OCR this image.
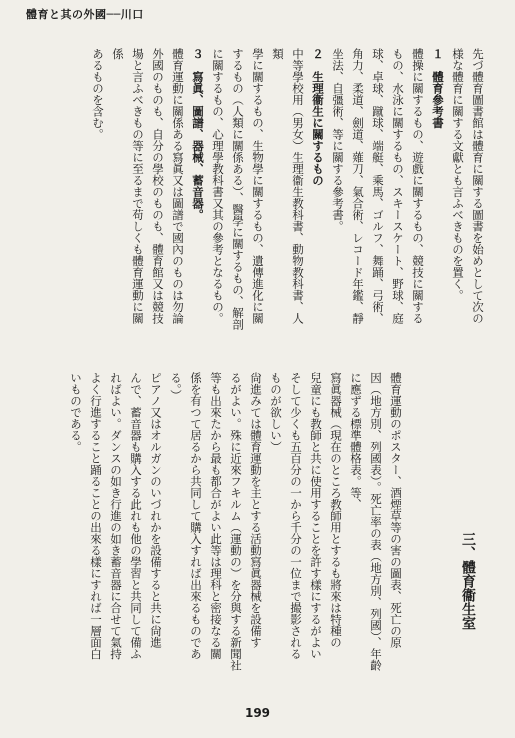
體育と其の外國──川口

先づ體育圖書館は體育に關する圖書を始めとして次の

様な體育に關する文獻とも言ふべきものを置く。

１　體育參考書

體操に關するもの、遊戲に關するもの、競技に關する

もの、水泳に關するもの、スキースケート、野球、庭

球、卓球、蹴球、端艇、乘馬、ゴルフ、舞踊、弓術、

角力、柔道、劍道、薙刀、氣合術、レコード年鑑、靜

坐法、自彊術、等に關する參考書。

２　生理衞生に關するもの

中等學校用（男女）生理衞生教科書、動物教科書、人類

學に關するもの、生物學に關するもの、遺傳進化に關

するもの（人類に關係ある）、醫學に關するもの、解剖

に關するもの、心理學教科書又其の參考となるもの。

３　寫眞、圖譜、器械、蓄音器。

體育運動に關係ある寫眞又は圖譜で國內のものは勿論

外國のものも、自分の學校のものも、體育館又は競技

場と言ふべきもの等に至るまで苟しくも體育運動に關係

あるものを含む。

三、體育衞生室

體育運動のポスター、酒煙草等の害の圖表、死亡の原

因（地方別、列國表）。死亡率の表（地方別、列國）、年齡

に應ずる標準體格表。等、

寫眞器械（現在のところ教師用とするも將來は特種の

兒童にも教師と共に使用することを許す樣にするがよい

そして少くも五百分の一から千分の一位まで撮影される

ものが欲しい）

尙進みては體育運動を主とする活動寫眞器械を設備す

るがよい。殊に近來フキルム（運動の）を分與する新聞社

等も出來たから最も都合がよい此等は理科と密接なる關

係を有つて居るから共同して購入すれば出來るものであ

る。）

ピアノ又はオルガンのいづれかを設備すると共に尙進

んで、蓄音器も購入する此れも他の學習と共同して備ふ

ればよい。ダンスの如き行進の如き蓄音器に合せて氣持

よく行進すること踊ることの出來る樣にすれば一層面白

いものである。

199
